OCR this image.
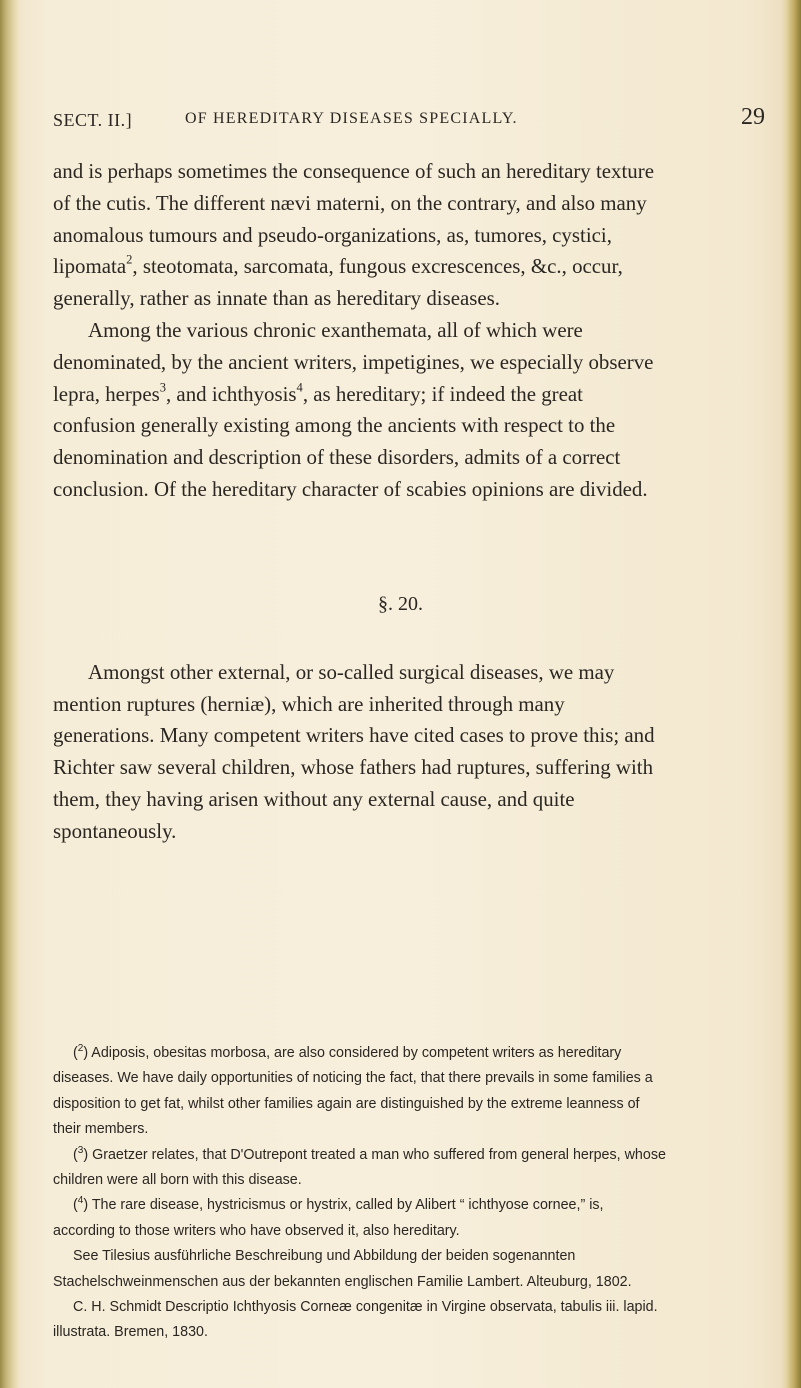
SECT. II.]	OF HEREDITARY DISEASES SPECIALLY.	29

and is perhaps sometimes the consequence of such an hereditary texture of the cutis. The different nævi materni, on the contrary, and also many anomalous tumours and pseudo-organizations, as, tumores, cystici, lipomata$^2$, steotomata, sarcomata, fungous excrescences, &c., occur, generally, rather as innate than as hereditary diseases.

Among the various chronic exanthemata, all of which were denominated, by the ancient writers, impetigines, we especially observe lepra, herpes$^3$, and ichthyosis$^4$, as hereditary; if indeed the great confusion generally existing among the ancients with respect to the denomination and description of these disorders, admits of a correct conclusion. Of the hereditary character of scabies opinions are divided.

§. 20.

Amongst other external, or so-called surgical diseases, we may mention ruptures (herniæ), which are inherited through many generations. Many competent writers have cited cases to prove this; and Richter saw several children, whose fathers had ruptures, suffering with them, they having arisen without any external cause, and quite spontaneously.

($^2$) Adiposis, obesitas morbosa, are also considered by competent writers as hereditary diseases. We have daily opportunities of noticing the fact, that there prevails in some families a disposition to get fat, whilst other families again are distinguished by the extreme leanness of their members.

($^3$) Graetzer relates, that D'Outrepont treated a man who suffered from general herpes, whose children were all born with this disease.

($^4$) The rare disease, hystricismus or hystrix, called by Alibert “ ichthyose cornee,” is, according to those writers who have observed it, also hereditary.

See Tilesius ausführliche Beschreibung und Abbildung der beiden sogenannten Stachelschweinmenschen aus der bekannten englischen Familie Lambert. Alteuburg, 1802.

C. H. Schmidt Descriptio Ichthyosis Corneæ congenitæ in Virgine observata, tabulis iii. lapid. illustrata. Bremen, 1830.
